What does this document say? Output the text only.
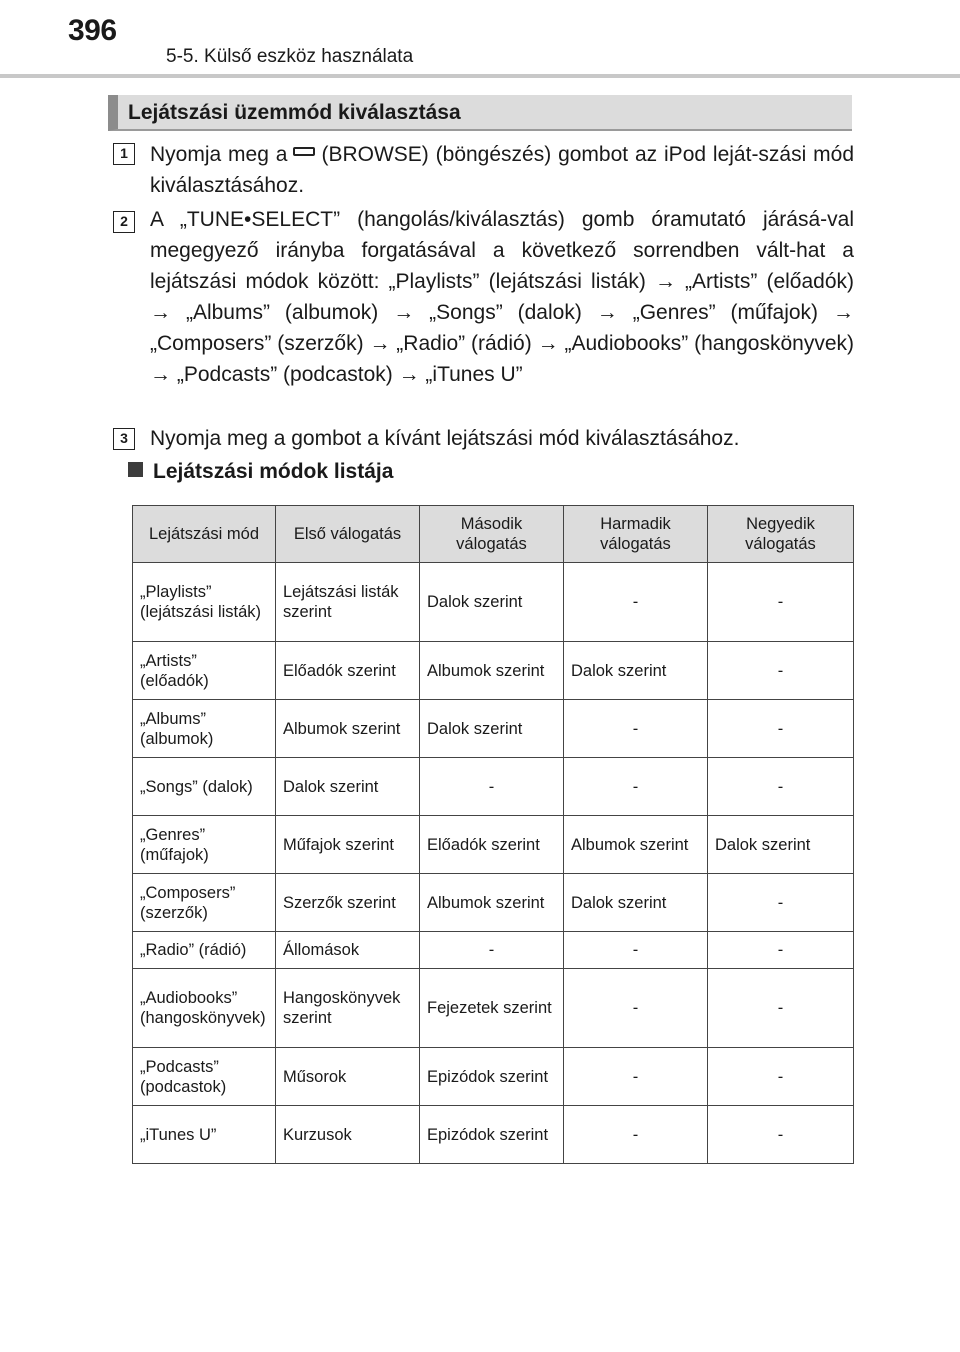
396
5-5. Külső eszköz használata
Lejátszási üzemmód kiválasztása
1	Nyomja meg a (BROWSE) (böngészés) gombot az iPod leját-szási mód kiválasztásához.
2	A „TUNE•SELECT” (hangolás/kiválasztás) gomb óramutató járásá-val megegyező irányba forgatásával a következő sorrendben vált-hat a lejátszási módok között: „Playlists” (lejátszási listák) → „Artists” (előadók) → „Albums” (albumok) → „Songs” (dalok) → „Genres” (műfajok) → „Composers” (szerzők) → „Radio” (rádió) → „Audiobooks” (hangoskönyvek) → „Podcasts” (podcastok) → „iTunes U”
3	Nyomja meg a gombot a kívánt lejátszási mód kiválasztásához.
Lejátszási módok listája
Lejátszási mód	Első válogatás	Második válogatás	Harmadik válogatás	Negyedik válogatás
„Playlists” (lejátszási listák)	Lejátszási listák szerint	Dalok szerint	-	-
„Artists” (előadók)	Előadók szerint	Albumok szerint	Dalok szerint	-
„Albums” (albumok)	Albumok szerint	Dalok szerint	-	-
„Songs” (dalok)	Dalok szerint	-	-	-
„Genres” (műfajok)	Műfajok szerint	Előadók szerint	Albumok szerint	Dalok szerint
„Composers” (szerzők)	Szerzők szerint	Albumok szerint	Dalok szerint	-
„Radio” (rádió)	Állomások	-	-	-
„Audiobooks” (hangoskönyvek)	Hangoskönyvek szerint	Fejezetek szerint	-	-
„Podcasts” (podcastok)	Műsorok	Epizódok szerint	-	-
„iTunes U”	Kurzusok	Epizódok szerint	-	-
